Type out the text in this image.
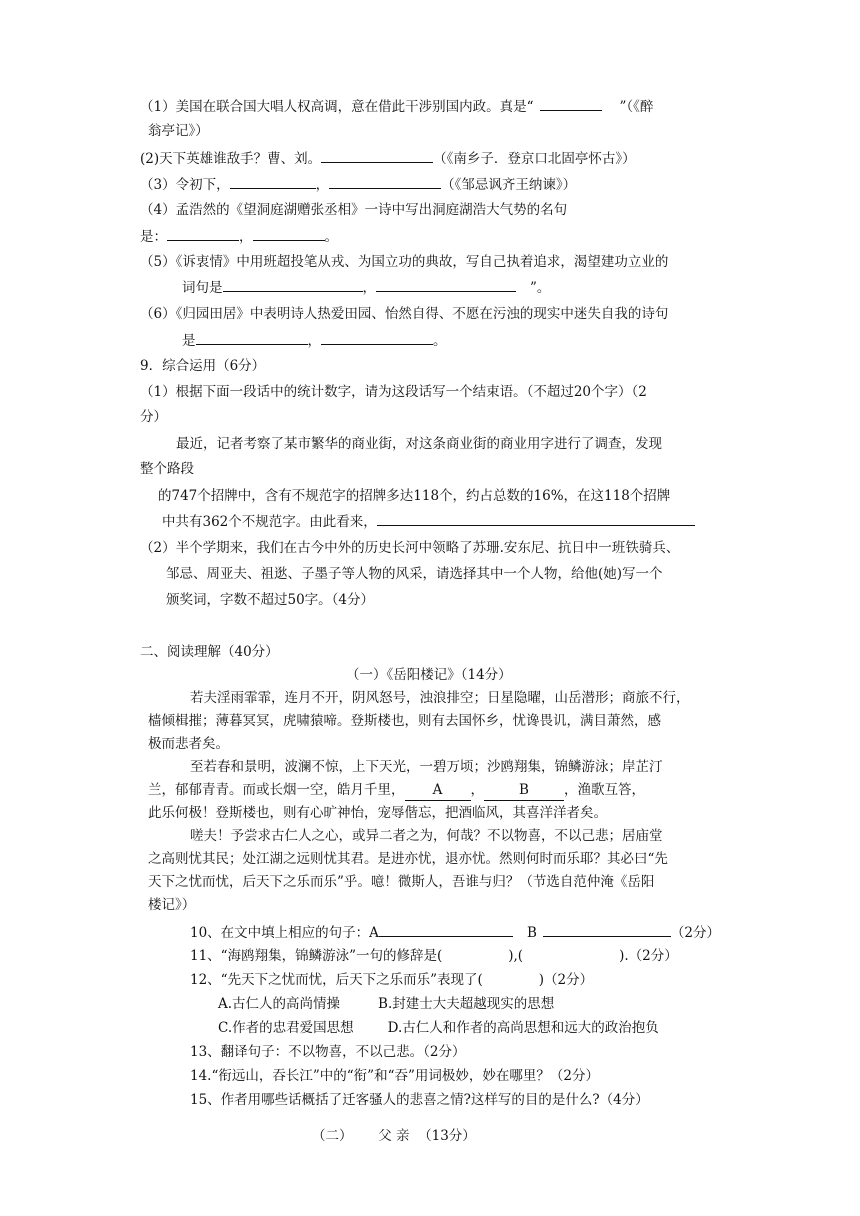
（1）美国在联合国大唱人权高调，意在借此干涉别国内政。真是“	”（《醉
翁亭记》）
(2)天下英雄谁敌手？曹、刘。	（《南乡子．登京口北固亭怀古》）
（3）令初下，	，	（《邹忌讽齐王纳谏》）
（4）孟浩然的《望洞庭湖赠张丞相》一诗中写出洞庭湖浩大气势的名句
是：	，	。
（5）《诉衷情》中用班超投笔从戎、为国立功的典故，写自己执着追求，渴望建功立业的
词句是	，	”。
（6）《归园田居》中表明诗人热爱田园、怡然自得、不愿在污浊的现实中迷失自我的诗句
是	，	。
9．综合运用（6分）
（1）根据下面一段话中的统计数字，请为这段话写一个结束语。（不超过20个字）（2
分）
最近，记者考察了某市繁华的商业街，对这条商业街的商业用字进行了调查，发现
整个路段
的747个招牌中，含有不规范字的招牌多达118个，约占总数的16%，在这118个招牌
中共有362个不规范字。由此看来，
（2）半个学期来，我们在古今中外的历史长河中领略了苏珊.安东尼、抗日中一班铁骑兵、
邹忌、周亚夫、祖逖、子墨子等人物的风采，请选择其中一个人物，给他(她)写一个
颁奖词，字数不超过50字。（4分）
二、阅读理解（40分）
（一）《岳阳楼记》（14分）
若夫淫雨霏霏，连月不开，阴风怒号，浊浪排空；日星隐曜，山岳潜形；商旅不行，
樯倾楫摧；薄暮冥冥，虎啸猿啼。登斯楼也，则有去国怀乡，忧谗畏讥，满目萧然，感
极而悲者矣。
至若春和景明，波澜不惊，上下天光，一碧万顷；沙鸥翔集，锦鳞游泳；岸芷汀
兰，郁郁青青。而或长烟一空，皓月千里， A ，	B	，渔歌互答，
此乐何极！登斯楼也，则有心旷神怡，宠辱偕忘，把酒临风，其喜洋洋者矣。
嗟夫！予尝求古仁人之心，或异二者之为，何哉？不以物喜，不以己悲；居庙堂
之高则忧其民；处江湖之远则忧其君。是进亦忧，退亦忧。然则何时而乐耶？其必曰“先
天下之忧而忧，后天下之乐而乐”乎。噫！微斯人，吾谁与归？（节选自范仲淹《岳阳
楼记》）
10、在文中填上相应的句子：A	B	（2分）
11、“海鸥翔集，锦鳞游泳”一句的修辞是(	),(	).（2分）
12、“先天下之忧而忧，后天下之乐而乐”表现了(	)（2分）
A.古仁人的高尚情操	B.封建士大夫超越现实的思想
C.作者的忠君爱国思想	D.古仁人和作者的高尚思想和远大的政治抱负
13、翻译句子：不以物喜，不以己悲。（2分）
14.“衔远山，吞长江”中的“衔”和“吞”用词极妙，妙在哪里？（2分）
15、作者用哪些话概括了迁客骚人的悲喜之情?这样写的目的是什么?（4分）
（二）      父 亲  （13分）
